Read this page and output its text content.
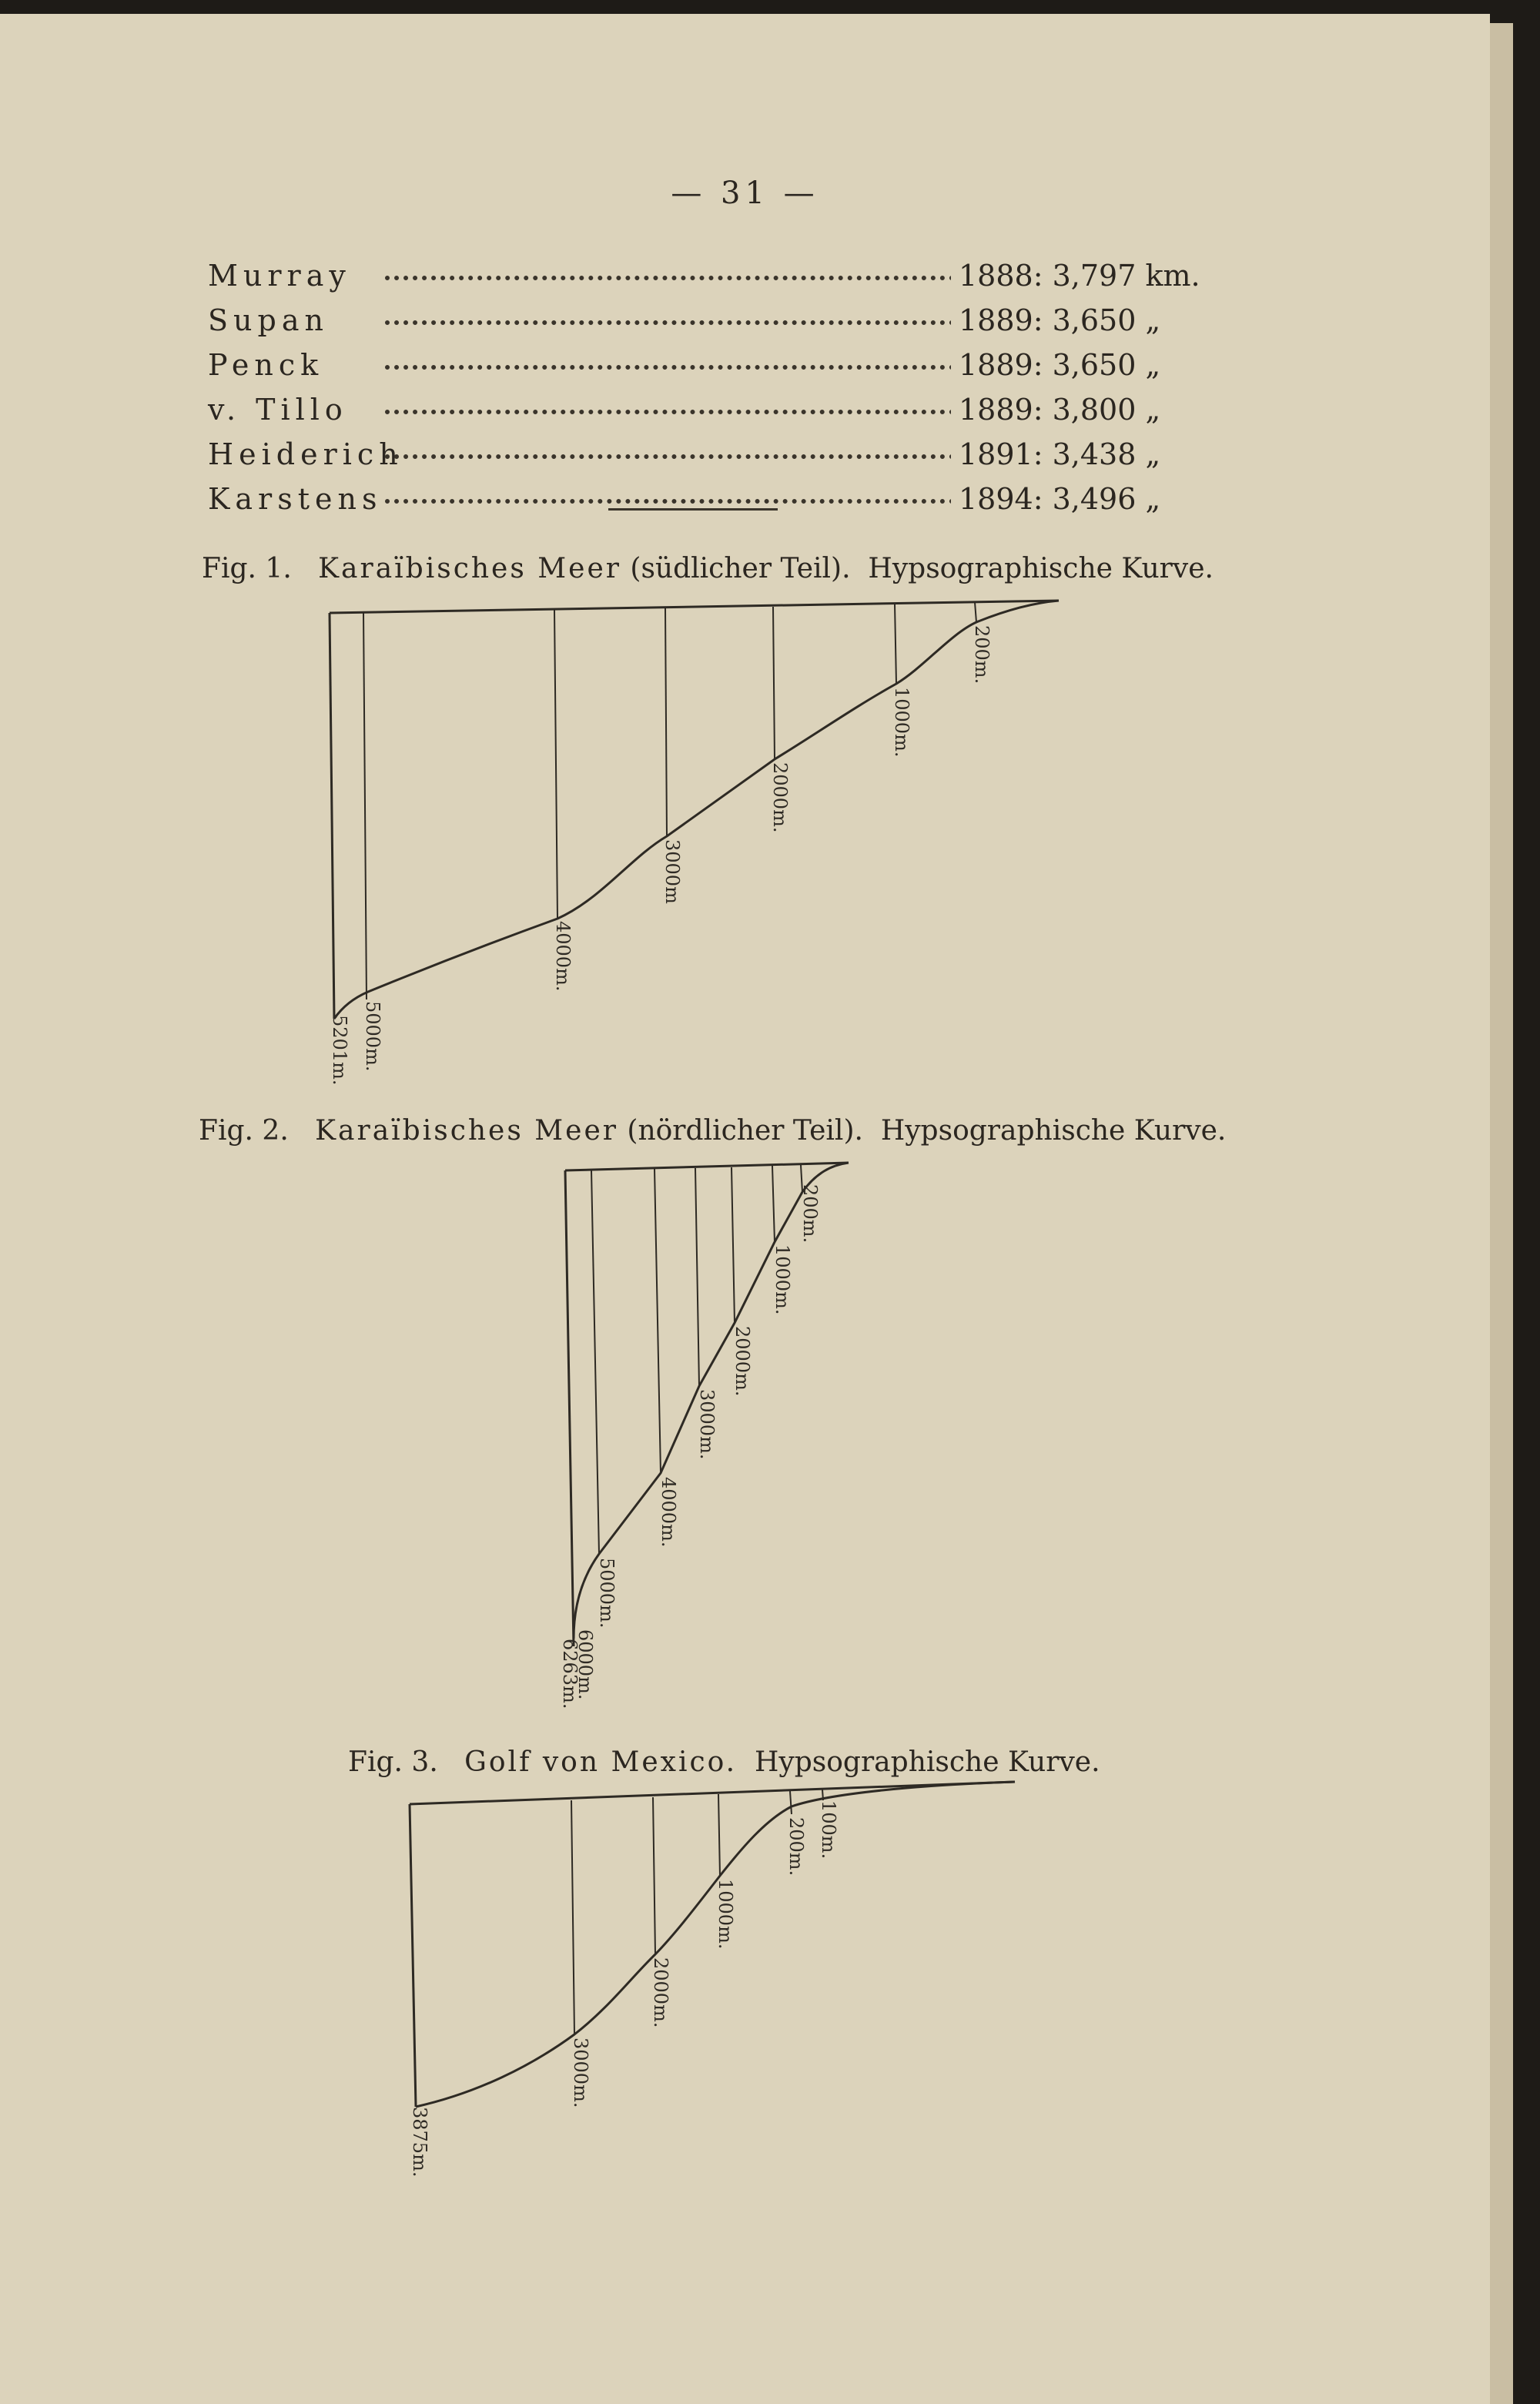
— 31 —
Murray	1888: 3,797 km.
Supan	1889: 3,650 „
Penck	1889: 3,650 „
v. Tillo	1889: 3,800 „
Heiderich	1891: 3,438 „
Karstens	1894: 3,496 „
Fig. 1. Karaïbisches Meer (südlicher Teil). Hypsographische Kurve.
5201m. 5000m.
4000m.
3000m
2000m.
1000m.
200m.
Fig. 2. Karaïbisches Meer (nördlicher Teil). Hypsographische Kurve.
6000m.
6263m.
5000m.
4000m.
3000m.
2000m.
1000m.
200m.
Fig. 3. Golf von Mexico. Hypsographische Kurve.
3875m.
3000m.
2000m.
1000m.
200m. 100m.
